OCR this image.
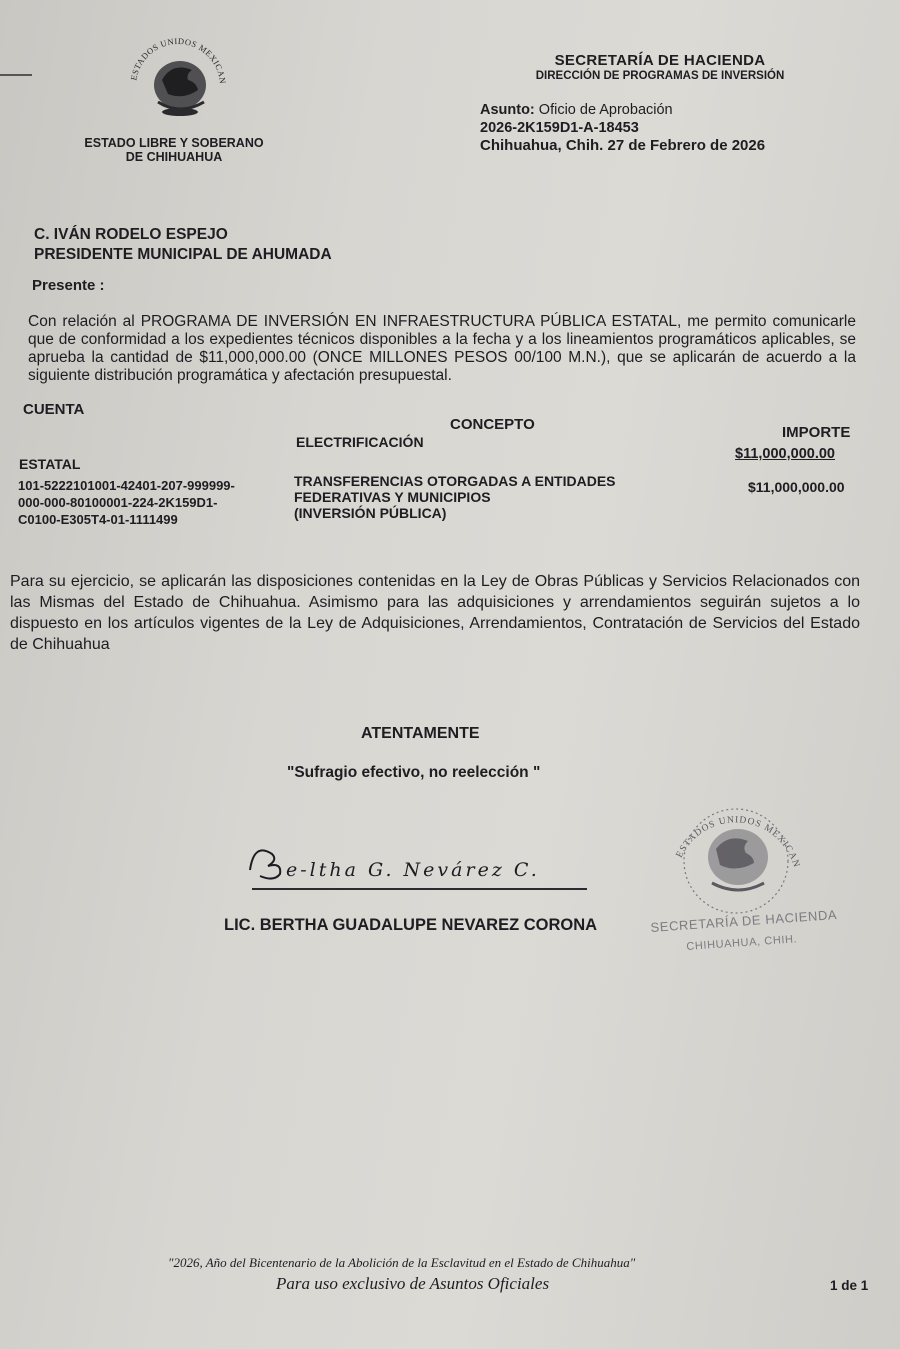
ESTADOS UNIDOS MEXICAN
ESTADO LIBRE Y SOBERANO
DE CHIHUAHUA
SECRETARÍA DE HACIENDA
DIRECCIÓN DE PROGRAMAS DE INVERSIÓN
Asunto: Oficio de Aprobación
2026-2K159D1-A-18453
Chihuahua, Chih. 27 de Febrero de 2026
C. IVÁN RODELO ESPEJO
PRESIDENTE MUNICIPAL DE AHUMADA
Presente :
Con relación al PROGRAMA DE INVERSIÓN EN INFRAESTRUCTURA PÚBLICA ESTATAL, me permito comunicarle que de conformidad a los expedientes técnicos disponibles a la fecha y a los lineamientos programáticos aplicables, se aprueba la cantidad de $11,000,000.00 (ONCE MILLONES PESOS 00/100 M.N.), que se aplicarán de acuerdo a la siguiente distribución programática y afectación presupuestal.
CUENTA
CONCEPTO	IMPORTE
ELECTRIFICACIÓN
$11,000,000.00
ESTATAL
101-5222101001-42401-207-999999-
000-000-80100001-224-2K159D1-
C0100-E305T4-01-1111499
TRANSFERENCIAS OTORGADAS A ENTIDADES
FEDERATIVAS Y MUNICIPIOS
(INVERSIÓN PÚBLICA)
$11,000,000.00
Para su ejercicio, se aplicarán las disposiciones contenidas en la Ley de Obras Públicas y Servicios Relacionados con las Mismas del Estado de Chihuahua. Asimismo para las adquisiciones y arrendamientos seguirán sujetos a lo dispuesto en los artículos vigentes de la Ley de Adquisiciones, Arrendamientos, Contratación de Servicios del Estado de Chihuahua
ATENTAMENTE
"Sufragio efectivo, no reelección "
e-ltha G. Nevárez C.
LIC. BERTHA GUADALUPE NEVAREZ CORONA
ESTADOS UNIDOS MEXICAN
SECRETARÍA DE HACIENDA
CHIHUAHUA, CHIH.
"2026, Año del Bicentenario de la Abolición de la Esclavitud en el Estado de Chihuahua"
Para uso exclusivo de Asuntos Oficiales	1 de 1
